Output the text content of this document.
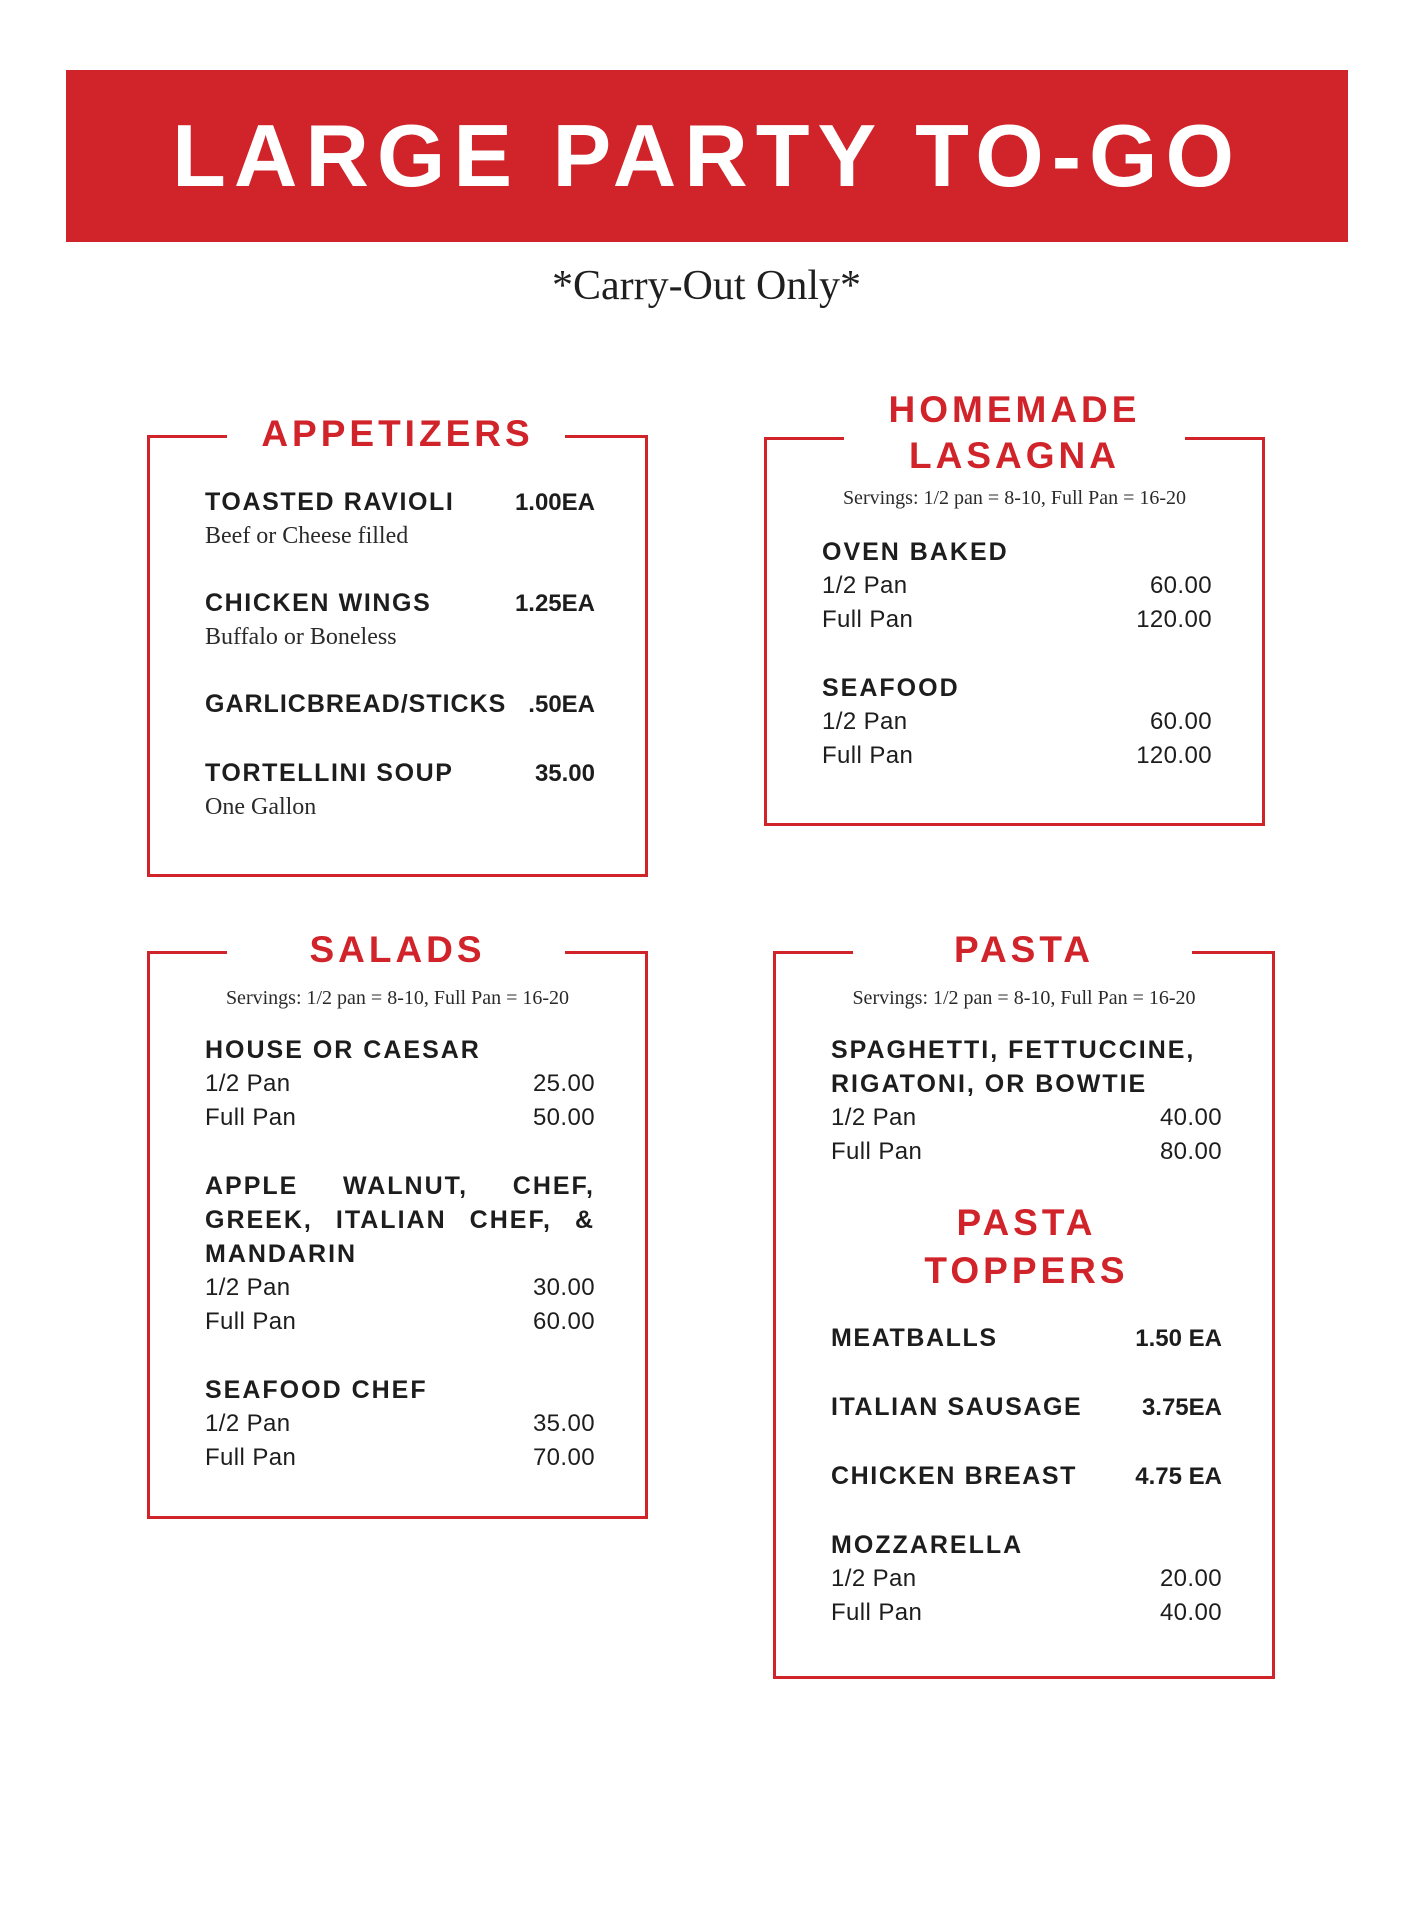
LARGE PARTY TO-GO
*Carry-Out Only*
APPETIZERS
TOASTED RAVIOLI	1.00EA
Beef or Cheese filled
CHICKEN WINGS	1.25EA
Buffalo or Boneless
GARLICBREAD/STICKS .50EA
TORTELLINI SOUP	35.00
One Gallon
HOMEMADE
LASAGNA
Servings: 1/2 pan = 8-10, Full Pan = 16-20
OVEN BAKED
1/2 Pan	60.00
Full Pan	120.00
SEAFOOD
1/2 Pan	60.00
Full Pan	120.00
SALADS
Servings: 1/2 pan = 8-10, Full Pan = 16-20
HOUSE OR CAESAR
1/2 Pan	25.00
Full Pan	50.00
APPLE WALNUT, CHEF, GREEK, ITALIAN CHEF, & MANDARIN
1/2 Pan	30.00
Full Pan	60.00
SEAFOOD CHEF
1/2 Pan	35.00
Full Pan	70.00
PASTA
Servings: 1/2 pan = 8-10, Full Pan = 16-20
SPAGHETTI, FETTUCCINE,
RIGATONI, OR BOWTIE
1/2 Pan	40.00
Full Pan	80.00
PASTA
TOPPERS
MEATBALLS	1.50 EA
ITALIAN SAUSAGE 3.75EA
CHICKEN BREAST 4.75 EA
MOZZARELLA
1/2 Pan	20.00
Full Pan	40.00
